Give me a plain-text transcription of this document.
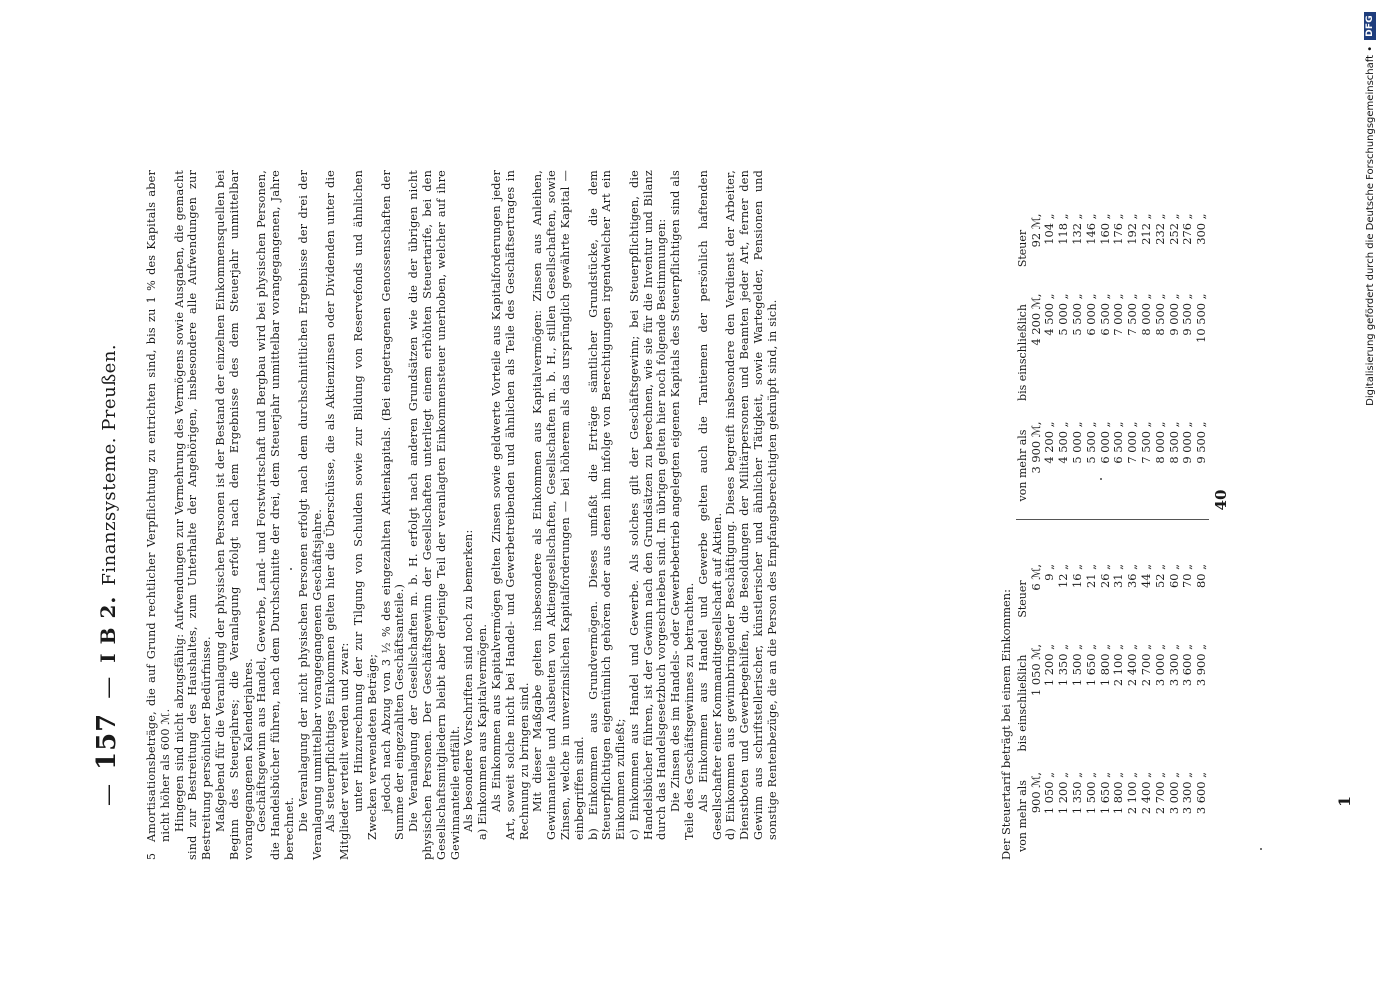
—
157
—
I B 2.
Finanzsysteme. Preußen.
5

Amortisationsbeträge, die auf Grund rechtlicher Verpflichtung zu entrichten sind, bis zu 1 % des Kapitals aber nicht höher als 600 ℳ. Hingegen sind nicht abzugsfähig: Aufwendungen zur Vermehrung des Vermögens sowie Ausgaben, die gemacht sind zur Bestreitung des Haushaltes, zum Unterhalte der Angehörigen, insbesondere alle Aufwendungen zur Bestreitung persönlicher Bedürfnisse. Maßgebend für die Veranlagung der physischen Personen ist der Bestand der einzelnen Einkommensquellen bei Beginn des Steuerjahres; die Veranlagung erfolgt nach dem Ergebnisse des dem Steuerjahr unmittelbar vorangegangenen Kalenderjahres. Geschäftsgewinn aus Handel, Gewerbe, Land- und Forstwirtschaft und Bergbau wird bei physischen Personen, die Handelsbücher führen, nach dem Durchschnitte der drei, dem Steuerjahr unmittelbar vorangegangenen, Jahre berechnet. Die Veranlagung der nicht physischen Personen erfolgt nach dem durchschnittlichen Ergebnisse der drei der Veranlagung unmittelbar vorangegangenen Geschäftsjahre. Als steuerpflichtiges Einkommen gelten hier die Überschüsse, die als Aktienzinsen oder Dividenden unter die Mitglieder verteilt werden und zwar: unter Hinzurechnung der zur Tilgung von Schulden sowie zur Bildung von Reservefonds und ähnlichen Zwecken verwendeten Beträge; jedoch nach Abzug von 3 ½ % des eingezahlten Aktienkapitals. (Bei eingetragenen Genossenschaften der Summe der eingezahlten Geschäftsanteile.) Die Veranlagung der Gesellschaften m. b. H. erfolgt nach anderen Grundsätzen wie die der übrigen nicht physischen Personen. Der Geschäftsgewinn der Gesellschaften unterliegt einem erhöhten Steuertarife, bei den Gesellschaftsmitgliedern bleibt aber derjenige Teil der veranlagten Einkommensteuer unerhoben, welcher auf ihre Gewinnanteile entfällt. Als besondere Vorschriften sind noch zu bemerken: a) Einkommen aus Kapitalvermögen. Als Einkommen aus Kapitalvermögen gelten Zinsen sowie geldwerte Vorteile aus Kapitalforderungen jeder Art, soweit solche nicht bei Handel- und Gewerbetreibenden und ähnlichen als Teile des Geschäftsertrages in Rechnung zu bringen sind. Mit dieser Maßgabe gelten insbesondere als Einkommen aus Kapitalvermögen: Zinsen aus Anleihen, Gewinnanteile und Ausbeuten von Aktiengesellschaften, Gesellschaften m. b. H., stillen Gesellschaften, sowie Zinsen, welche in unverzinslichen Kapitalforderungen — bei höherem als das ursprünglich gewährte Kapital — einbegriffen sind. b) Einkommen aus Grundvermögen. Dieses umfaßt die Erträge sämtlicher Grundstücke, die dem Steuerpflichtigen eigentümlich gehören oder aus denen ihm infolge von Berechtigungen irgendwelcher Art ein Einkommen zufließt; c) Einkommen aus Handel und Gewerbe. Als solches gilt der Geschäftsgewinn; bei Steuerpflichtigen, die Handelsbücher führen, ist der Gewinn nach den Grundsätzen zu berechnen, wie sie für die Inventur und Bilanz durch das Handelsgesetzbuch vorgeschrieben sind. Im übrigen gelten hier noch folgende Bestimmungen: Die Zinsen des im Handels- oder Gewerbebetrieb angelegten eigenen Kapitals des Steuerpflichtigen sind als Teile des Geschäftsgewinnes zu betrachten. Als Einkommen aus Handel und Gewerbe gelten auch die Tantiemen der persönlich haftenden Gesellschafter einer Kommanditgesellschaft auf Aktien. d) Einkommen aus gewinnbringender Beschäftigung. Dieses begreift insbesondere den Verdienst der Arbeiter, Dienstboten und Gewerbegehilfen, die Besoldungen der Militärpersonen und Beamten jeder Art, ferner den Gewinn aus schriftstellerischer, künstlerischer und ähnlicher Tätigkeit, sowie Wartegelder, Pensionen und sonstige Rentenbezüge, die an die Person des Empfangsberechtigten geknüpft sind, in sich.	Der Steuertarif beträgt bei einem Einkommen: von mehr als
bis einschließlich
Steuer
900 ℳ,
1 050 ℳ,
6 ℳ,
1 050 „
1 200 „
9 „
1 200 „
1 350 „
12 „
1 350 „
1 500 „
16 „
1 500 „
1 650 „
21 „
1 650 „
1 800 „
26 „
1 800 „
2 100 „
31 „
2 100 „
2 400 „
36 „
2 400 „
2 700 „
44 „
2 700 „
3 000 „
52 „
3 000 „
3 300 „
60 „
3 300 „
3 600 „
70 „
3 600 „
3 900 „
80 „
von mehr als
bis einschließlich
Steuer
3 900 ℳ,
4 200 ℳ,
92 ℳ,
4 200 „
4 500 „
104 „
4 500 „
5 000 „
118 „
5 000 „
5 500 „
132 „
5 500 „
6 000 „
146 „
6 000 „
6 500 „
160 „
6 500 „
7 000 „
176 „
7 000 „
7 500 „
192 „
7 500 „
8 000 „
212 „
8 000 „
8 500 „
232 „
8 500 „
9 000 „
252 „
9 000 „
9 500 „
276 „
9 500 „
10 500 „
300 „
40
1
Digitalisierung gefördert durch die Deutsche Forschungsgemeinschaft •
DFG
